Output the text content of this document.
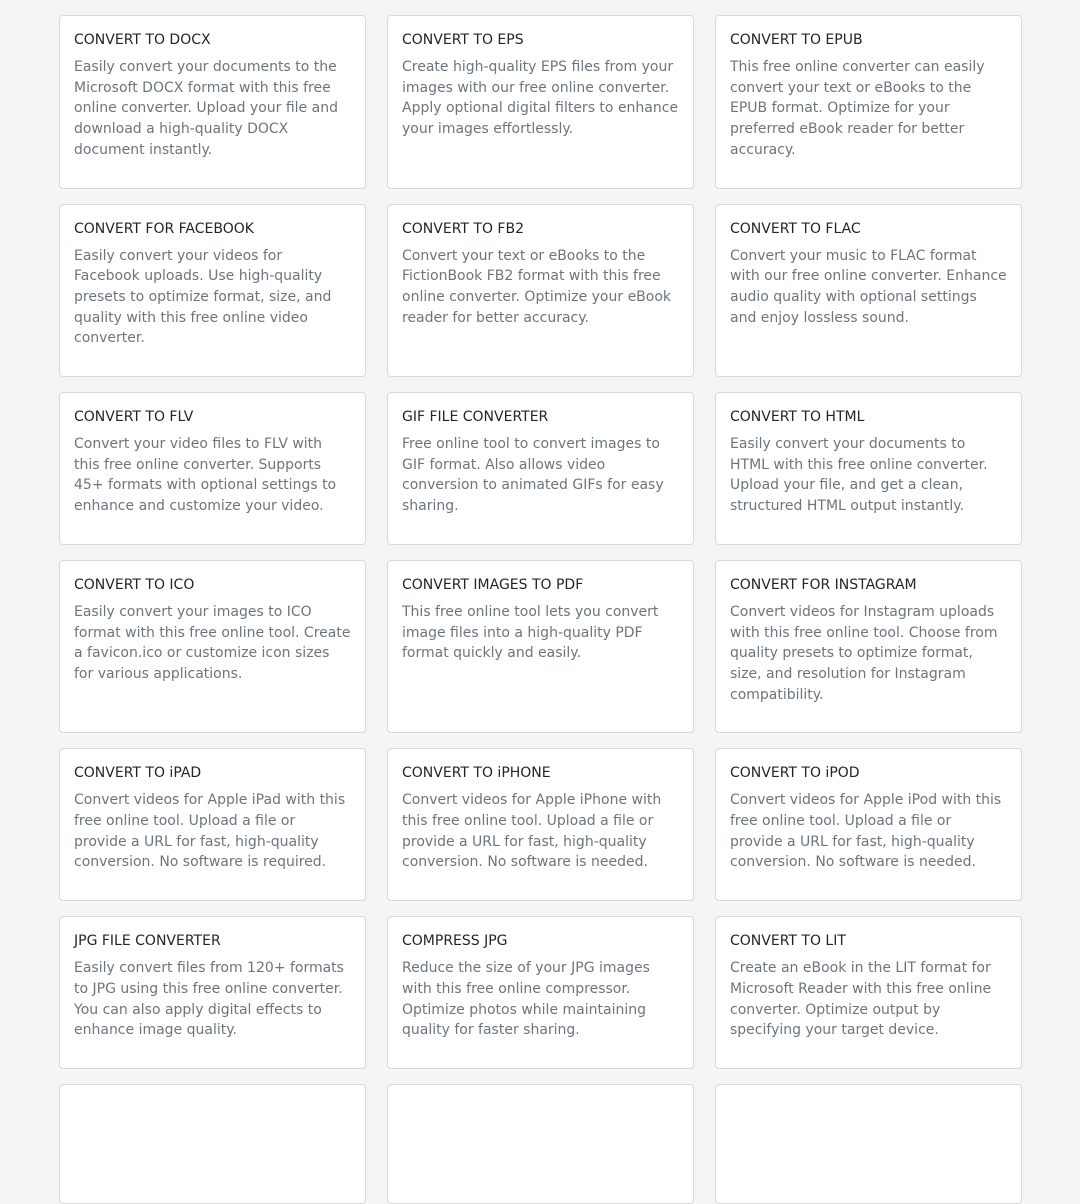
CONVERT TO DOCX
Easily convert your documents to the Microsoft DOCX format with this free online converter. Upload your file and download a high-quality DOCX document instantly.
CONVERT TO EPS
Create high-quality EPS files from your images with our free online converter. Apply optional digital filters to enhance your images effortlessly.
CONVERT TO EPUB
This free online converter can easily convert your text or eBooks to the EPUB format. Optimize for your preferred eBook reader for better accuracy.
CONVERT FOR FACEBOOK
Easily convert your videos for Facebook uploads. Use high-quality presets to optimize format, size, and quality with this free online video converter.
CONVERT TO FB2
Convert your text or eBooks to the FictionBook FB2 format with this free online converter. Optimize your eBook reader for better accuracy.
CONVERT TO FLAC
Convert your music to FLAC format with our free online converter. Enhance audio quality with optional settings and enjoy lossless sound.
CONVERT TO FLV
Convert your video files to FLV with this free online converter. Supports 45+ formats with optional settings to enhance and customize your video.
GIF FILE CONVERTER
Free online tool to convert images to GIF format. Also allows video conversion to animated GIFs for easy sharing.
CONVERT TO HTML
Easily convert your documents to HTML with this free online converter. Upload your file, and get a clean, structured HTML output instantly.
CONVERT TO ICO
Easily convert your images to ICO format with this free online tool. Create a favicon.ico or customize icon sizes for various applications.
CONVERT IMAGES TO PDF
This free online tool lets you convert image files into a high-quality PDF format quickly and easily.
CONVERT FOR INSTAGRAM
Convert videos for Instagram uploads with this free online tool. Choose from quality presets to optimize format, size, and resolution for Instagram compatibility.
CONVERT TO iPAD
Convert videos for Apple iPad with this free online tool. Upload a file or provide a URL for fast, high-quality conversion. No software is required.
CONVERT TO iPHONE
Convert videos for Apple iPhone with this free online tool. Upload a file or provide a URL for fast, high-quality conversion. No software is needed.
CONVERT TO iPOD
Convert videos for Apple iPod with this free online tool. Upload a file or provide a URL for fast, high-quality conversion. No software is needed.
JPG FILE CONVERTER
Easily convert files from 120+ formats to JPG using this free online converter. You can also apply digital effects to enhance image quality.
COMPRESS JPG
Reduce the size of your JPG images with this free online compressor. Optimize photos while maintaining quality for faster sharing.
CONVERT TO LIT
Create an eBook in the LIT format for Microsoft Reader with this free online converter. Optimize output by specifying your target device.
